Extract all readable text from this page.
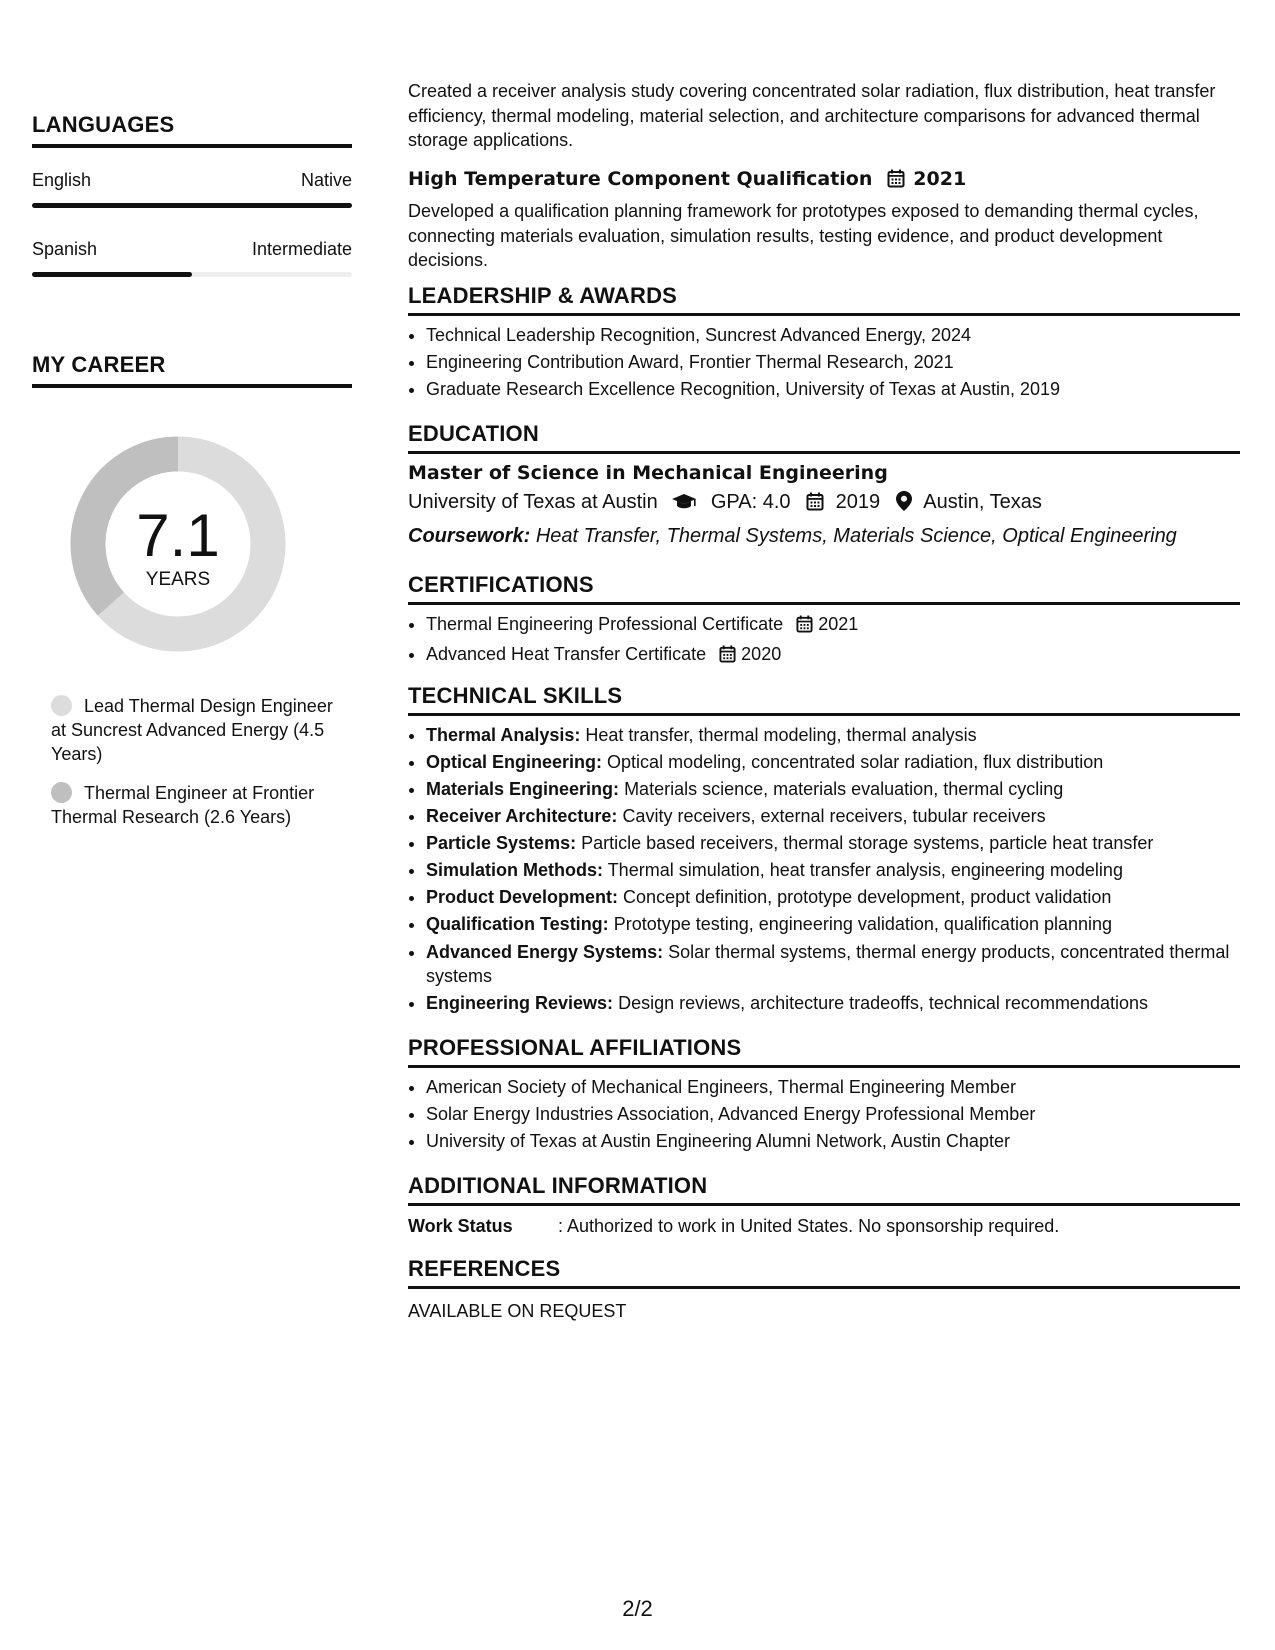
LANGUAGES
English	Native
Spanish	Intermediate
MY CAREER
7.1
YEARS
Lead Thermal Design Engineer at Suncrest Advanced Energy (4.5 Years)
Thermal Engineer at Frontier Thermal Research (2.6 Years)

Created a receiver analysis study covering concentrated solar radiation, flux distribution, heat transfer efficiency, thermal modeling, material selection, and architecture comparisons for advanced thermal storage applications.

High Temperature Component Qualification 2021

Developed a qualification planning framework for prototypes exposed to demanding thermal cycles, connecting materials evaluation, simulation results, testing evidence, and product development decisions.

LEADERSHIP & AWARDS
• Technical Leadership Recognition, Suncrest Advanced Energy, 2024
• Engineering Contribution Award, Frontier Thermal Research, 2021
• Graduate Research Excellence Recognition, University of Texas at Austin, 2019
EDUCATION
Master of Science in Mechanical Engineering
University of Texas at Austin	GPA: 4.0 2019 Austin, Texas
Coursework: Heat Transfer, Thermal Systems, Materials Science, Optical Engineering
CERTIFICATIONS
• Thermal Engineering Professional Certificate 2021
• Advanced Heat Transfer Certificate 2020
TECHNICAL SKILLS
• Thermal Analysis: Heat transfer, thermal modeling, thermal analysis
• Optical Engineering: Optical modeling, concentrated solar radiation, flux distribution
• Materials Engineering: Materials science, materials evaluation, thermal cycling
• Receiver Architecture: Cavity receivers, external receivers, tubular receivers
• Particle Systems: Particle based receivers, thermal storage systems, particle heat transfer
• Simulation Methods: Thermal simulation, heat transfer analysis, engineering modeling
• Product Development: Concept definition, prototype development, product validation
• Qualification Testing: Prototype testing, engineering validation, qualification planning
• Advanced Energy Systems: Solar thermal systems, thermal energy products, concentrated thermal systems
• Engineering Reviews: Design reviews, architecture tradeoffs, technical recommendations
PROFESSIONAL AFFILIATIONS
• American Society of Mechanical Engineers, Thermal Engineering Member
• Solar Energy Industries Association, Advanced Energy Professional Member
• University of Texas at Austin Engineering Alumni Network, Austin Chapter
ADDITIONAL INFORMATION
Work Status	: Authorized to work in United States. No sponsorship required.
REFERENCES
AVAILABLE ON REQUEST
2/2
